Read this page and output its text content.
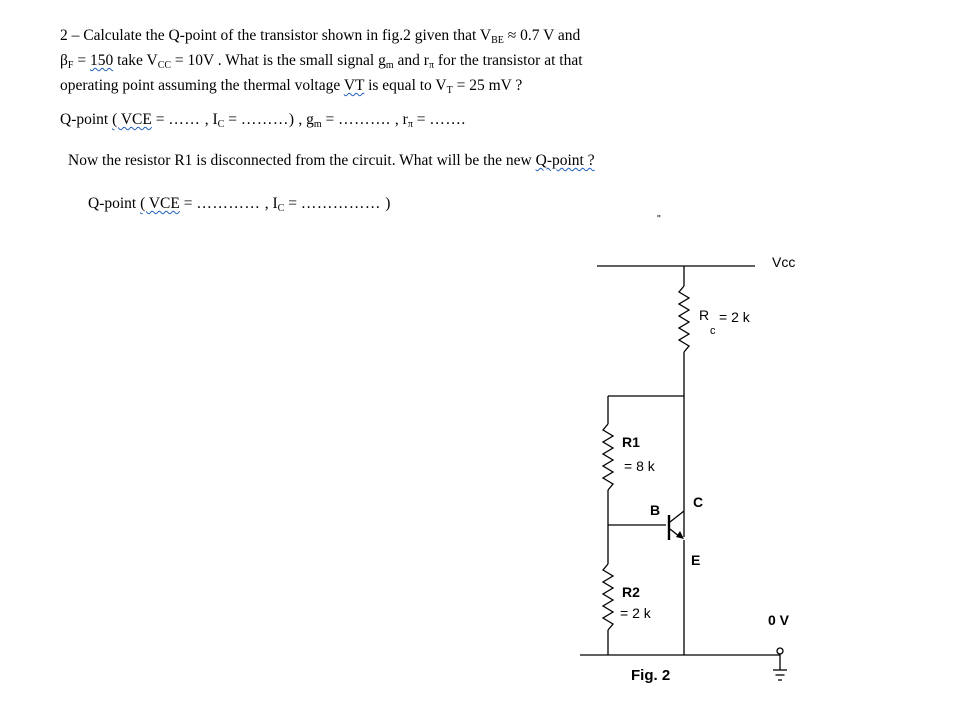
2 – Calculate the Q-point of the transistor shown in fig.2 given that $V_{BE} \approx 0.7$ V and
$\beta_F = 150$ take $V_{CC} = 10V$ . What is the small signal $g_m$ and $r_\pi$ for the transistor at that
operating point assuming the thermal voltage VT is equal to $V_T = 25$ mV ?
Q-point ( VCE = …… , $I_C$ = ………) , $g_m$ = ………. , $r_\pi$ = …….
Now the resistor R1 is disconnected from the circuit. What will be the new Q-point ?
Q-point ( VCE = ………… , $I_C$ = …………… )
''
Vcc
R
c
= 2 k
R1
= 8 k
B C
E
R2
= 2 k	0 V
Fig. 2
